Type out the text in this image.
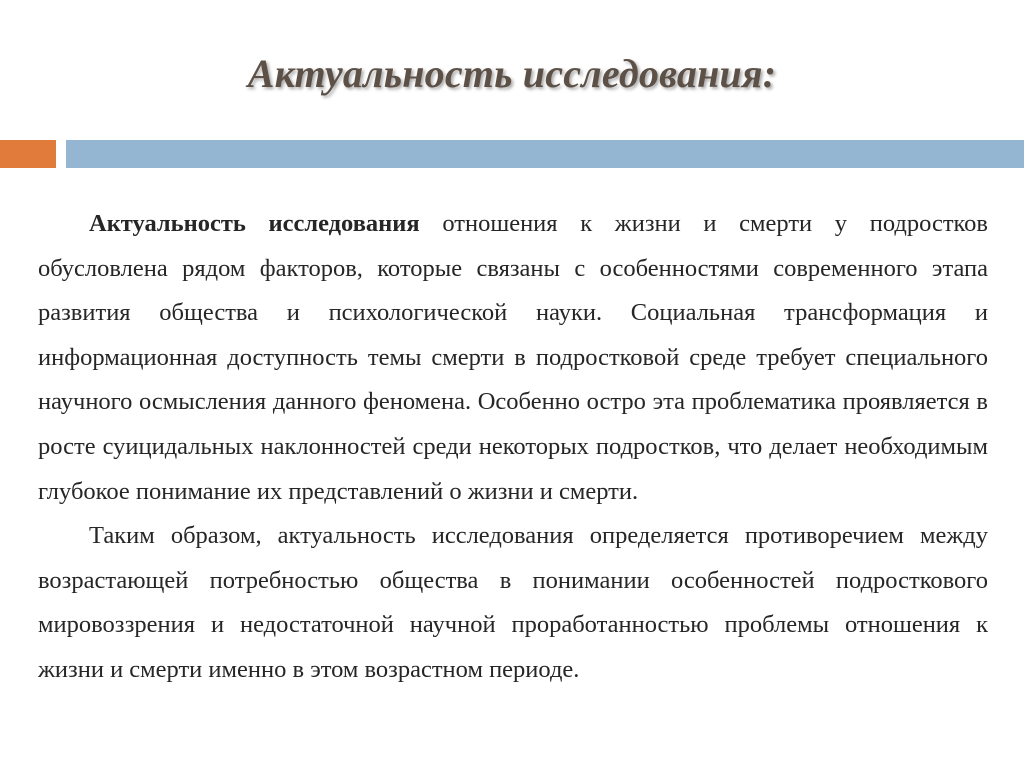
Актуальность исследования:

Актуальность исследования отношения к жизни и смерти у подростков обусловлена рядом факторов, которые связаны с особенностями современного этапа развития общества и психологической науки. Социальная трансформация и информационная доступность темы смерти в подростковой среде требует специального научного осмысления данного феномена. Особенно остро эта проблематика проявляется в росте суицидальных наклонностей среди некоторых подростков, что делает необходимым глубокое понимание их представлений о жизни и смерти.

Таким образом, актуальность исследования определяется противоречием между возрастающей потребностью общества в понимании особенностей подросткового мировоззрения и недостаточной научной проработанностью проблемы отношения к жизни и смерти именно в этом возрастном периоде.
